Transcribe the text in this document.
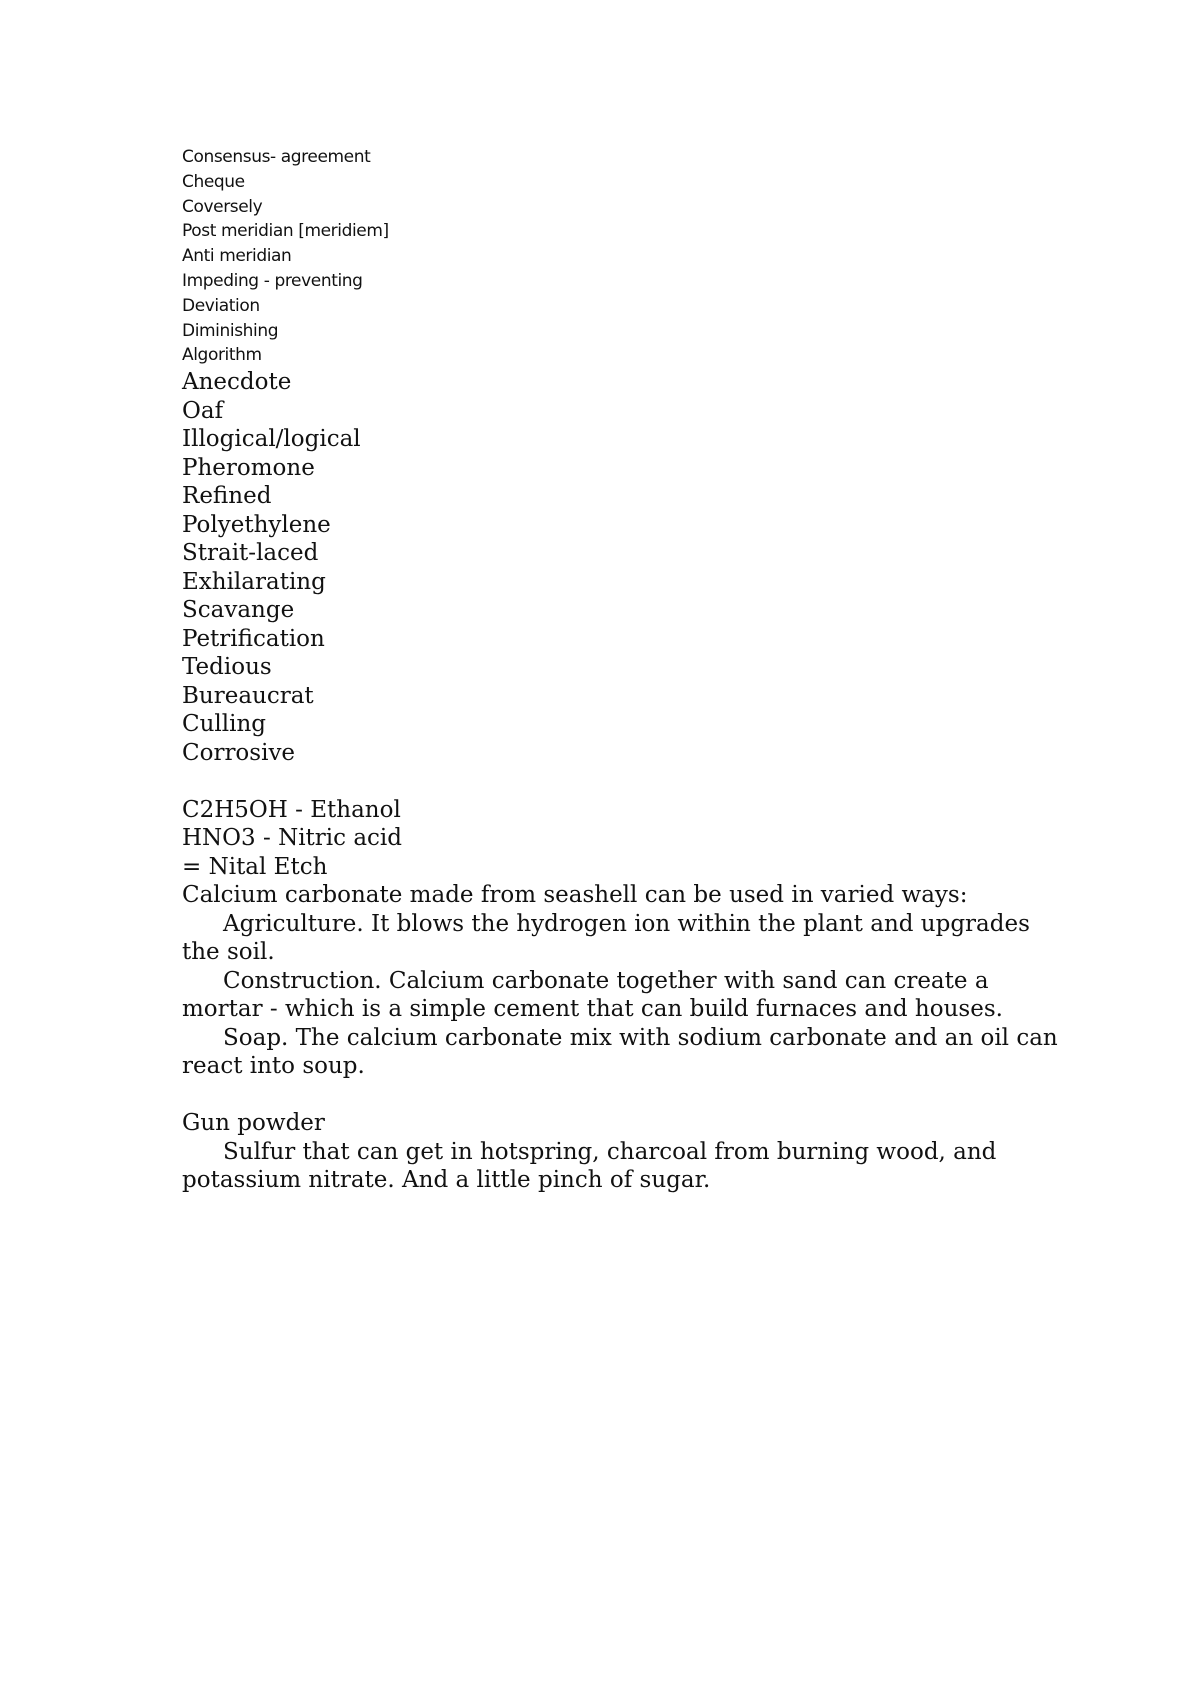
Consensus- agreement
Cheque
Coversely
Post meridian [meridiem]
Anti meridian
Impeding - preventing
Deviation
Diminishing
Algorithm
Anecdote
Oaf
Illogical/logical
Pheromone
Refined
Polyethylene
Strait-laced
Exhilarating
Scavange
Petrification
Tedious
Bureaucrat
Culling
Corrosive
C2H5OH - Ethanol
HNO3 - Nitric acid
= Nital Etch

Calcium carbonate made from seashell can be used in varied ways:

Agriculture. It blows the hydrogen ion within the plant and upgrades the soil.

Construction. Calcium carbonate together with sand can create a mortar - which is a simple cement that can build furnaces and houses.

Soap. The calcium carbonate mix with sodium carbonate and an oil can react into soup.

Gun powder

Sulfur that can get in hotspring, charcoal from burning wood, and potassium nitrate. And a little pinch of sugar.
